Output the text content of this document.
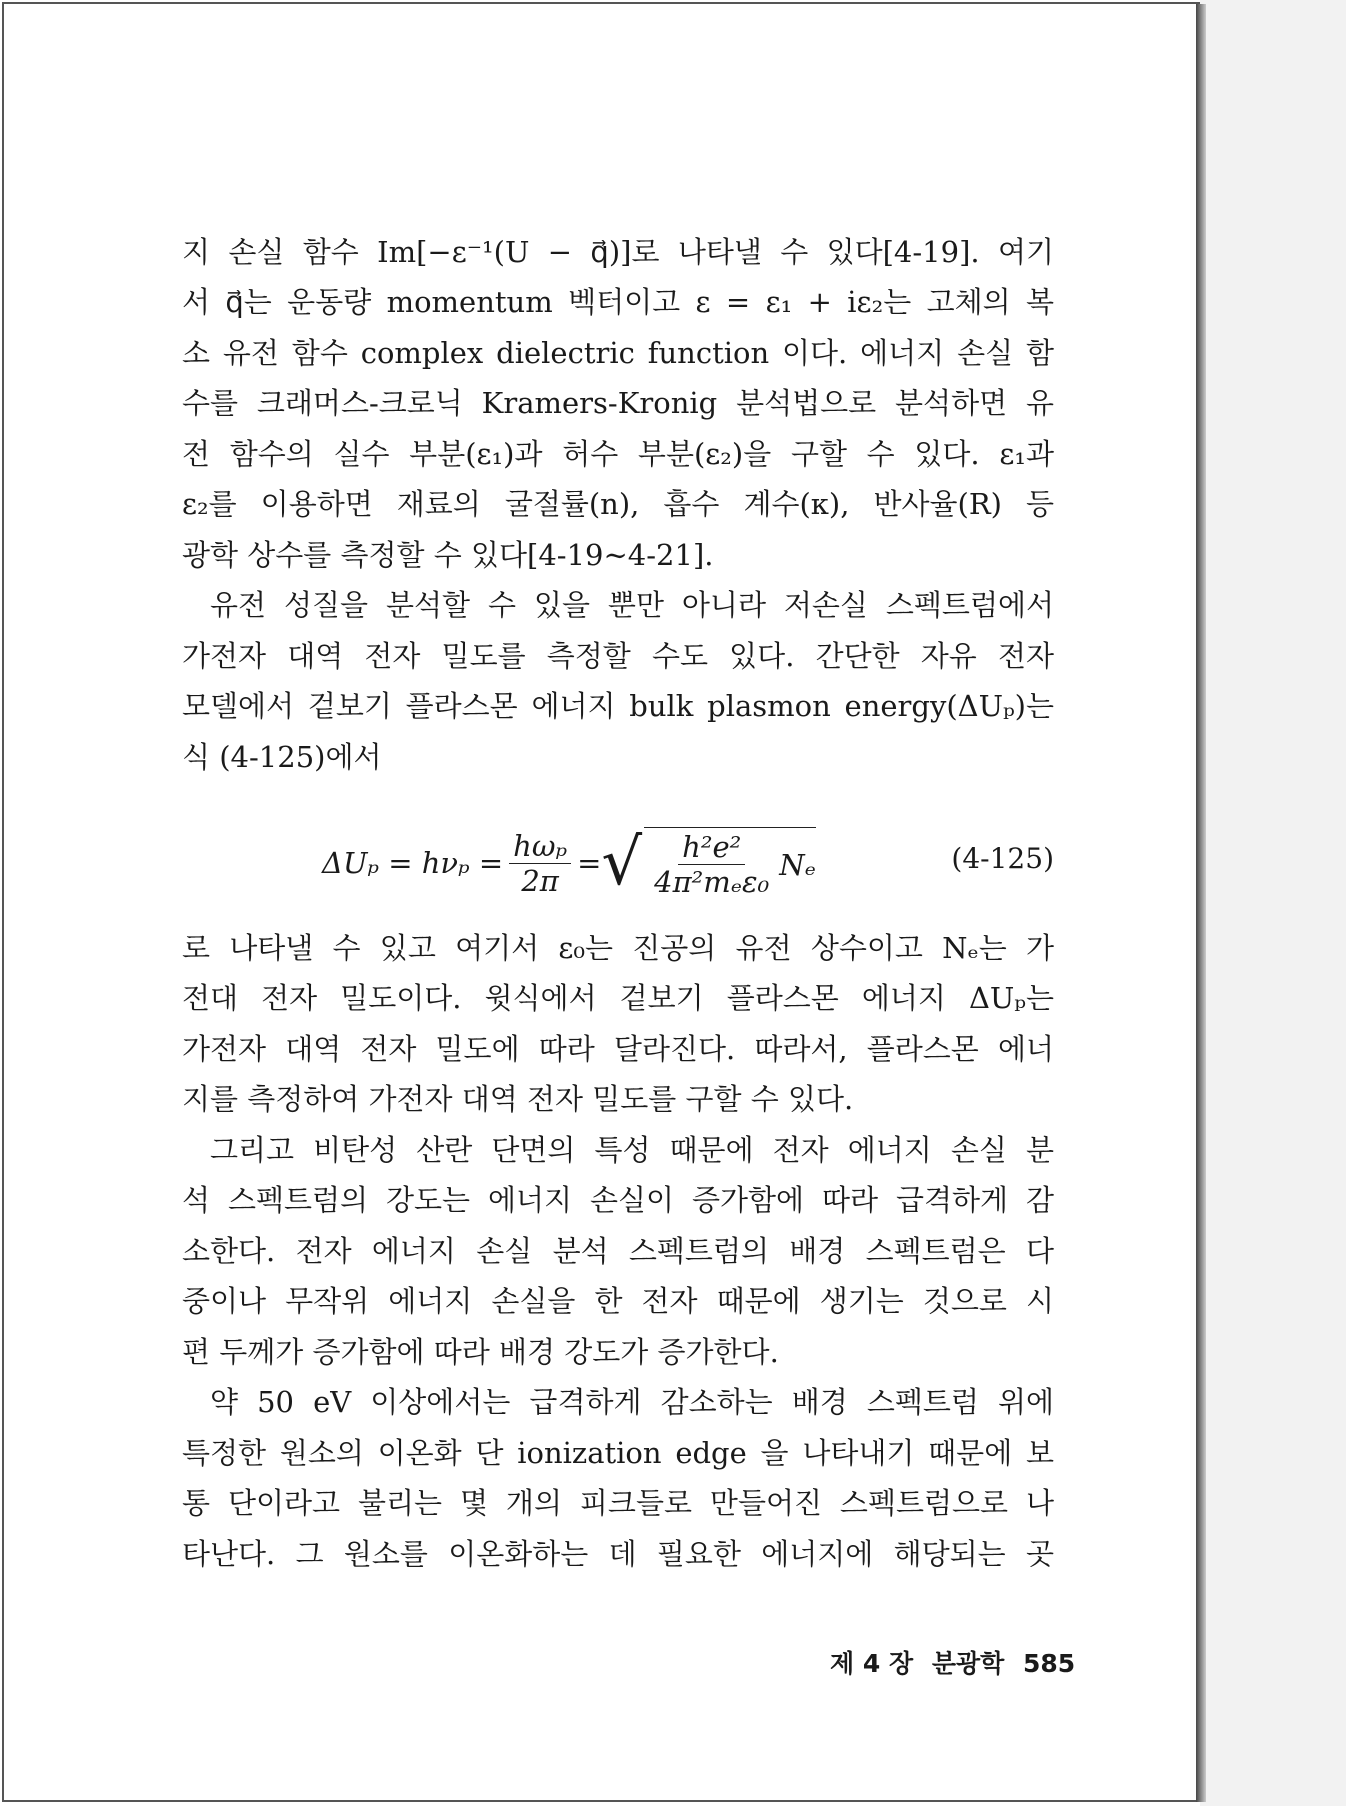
지 손실 함수 Im[−ε⁻¹(U − q⃗)]로 나타낼 수 있다[4-19]. 여기
서 q⃗는 운동량 momentum 벡터이고 ε = ε₁ + iε₂는 고체의 복
소 유전 함수 complex dielectric function 이다. 에너지 손실 함
수를 크래머스-크로닉 Kramers-Kronig 분석법으로 분석하면 유
전 함수의 실수 부분(ε₁)과 허수 부분(ε₂)을 구할 수 있다. ε₁과
ε₂를 이용하면 재료의 굴절률(n), 흡수 계수(κ), 반사율(R) 등
광학 상수를 측정할 수 있다[4-19∼4-21].
유전 성질을 분석할 수 있을 뿐만 아니라 저손실 스펙트럼에서
가전자 대역 전자 밀도를 측정할 수도 있다. 간단한 자유 전자
모델에서 겉보기 플라스몬 에너지 bulk plasmon energy(ΔUₚ)는
식 (4-125)에서
$\Delta U_p = h\nu_p = \frac{\text{hωₚ}}{2\pi}$ = √ $\frac{\text{h²e²}}{\text{4π²mₑε₀}}$ Nₑ	(4-125)
로 나타낼 수 있고 여기서 ε₀는 진공의 유전 상수이고 Nₑ는 가
전대 전자 밀도이다. 윗식에서 겉보기 플라스몬 에너지 ΔUₚ는
가전자 대역 전자 밀도에 따라 달라진다. 따라서, 플라스몬 에너
지를 측정하여 가전자 대역 전자 밀도를 구할 수 있다.
그리고 비탄성 산란 단면의 특성 때문에 전자 에너지 손실 분
석 스펙트럼의 강도는 에너지 손실이 증가함에 따라 급격하게 감
소한다. 전자 에너지 손실 분석 스펙트럼의 배경 스펙트럼은 다
중이나 무작위 에너지 손실을 한 전자 때문에 생기는 것으로 시
편 두께가 증가함에 따라 배경 강도가 증가한다.
약 50 eV 이상에서는 급격하게 감소하는 배경 스펙트럼 위에
특정한 원소의 이온화 단 ionization edge 을 나타내기 때문에 보
통 단이라고 불리는 몇 개의 피크들로 만들어진 스펙트럼으로 나
타난다. 그 원소를 이온화하는 데 필요한 에너지에 해당되는 곳
제 4 장 분광학 585
